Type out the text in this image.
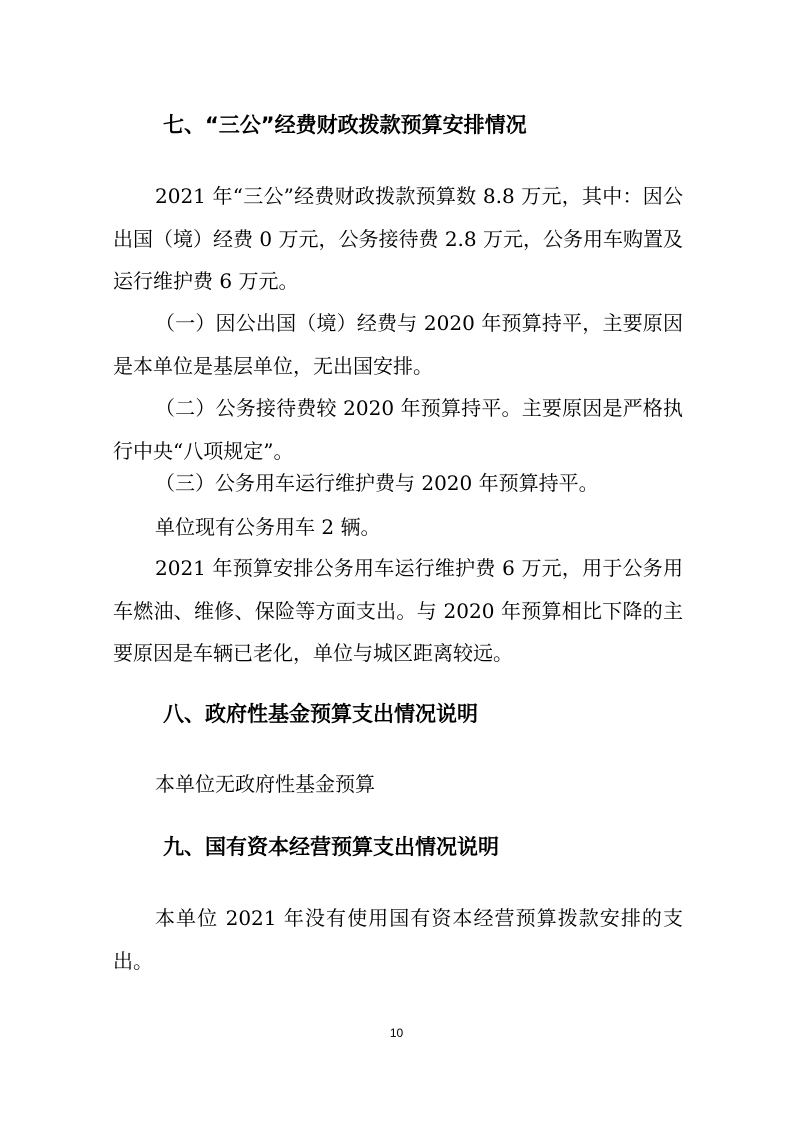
七、“三公”经费财政拨款预算安排情况

2021 年“三公”经费财政拨款预算数 8.8 万元，其中：因公出国（境）经费 0 万元，公务接待费 2.8 万元，公务用车购置及运行维护费 6 万元。

（一）因公出国（境）经费与 2020 年预算持平，主要原因是本单位是基层单位，无出国安排。

（二）公务接待费较 2020 年预算持平。主要原因是严格执行中央“八项规定”。

（三）公务用车运行维护费与 2020 年预算持平。

单位现有公务用车 2 辆。

2021 年预算安排公务用车运行维护费 6 万元，用于公务用车燃油、维修、保险等方面支出。与 2020 年预算相比下降的主要原因是车辆已老化，单位与城区距离较远。

八、政府性基金预算支出情况说明

本单位无政府性基金预算

九、国有资本经营预算支出情况说明

本单位 2021 年没有使用国有资本经营预算拨款安排的支出。

10
